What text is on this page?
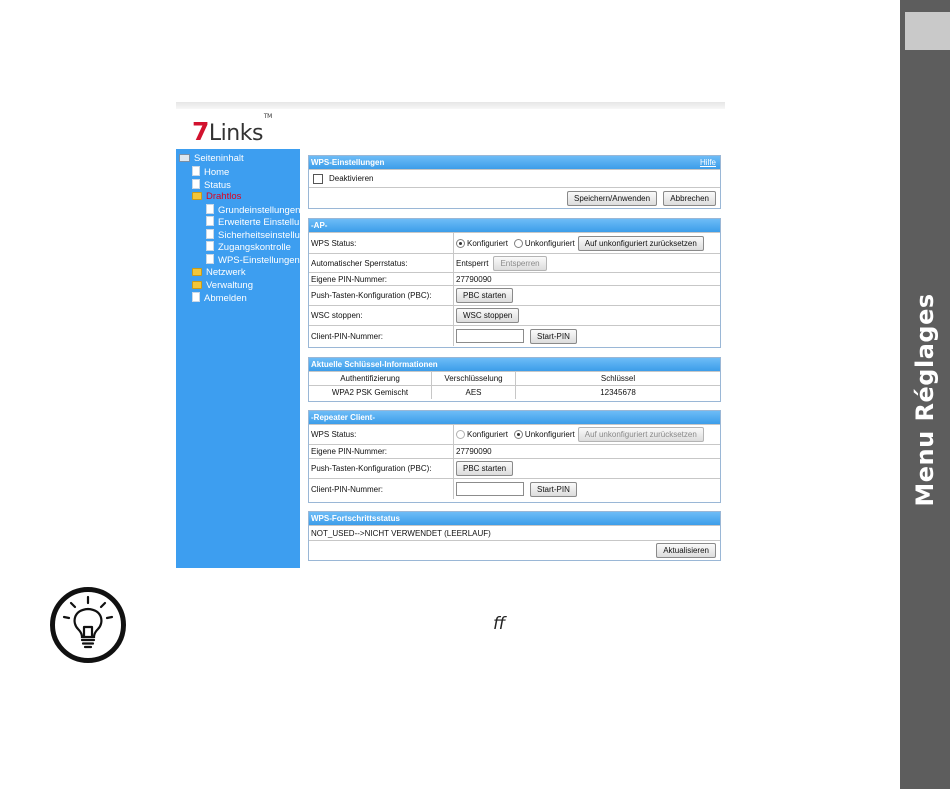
Menu Réglages
7Links™
Seiteninhalt
Home
Status
Drahtlos
Grundeinstellungen
Erweiterte Einstellu
Sicherheitseinstellu
Zugangskontrolle
WPS-Einstellungen
Netzwerk
Verwaltung
Abmelden
WPS-Einstellungen	Hilfe
Deaktivieren
Speichern/Anwenden	Abbrechen
-AP-
WPS Status:	Konfiguriert Unkonfiguriert	Auf unkonfiguriert zurücksetzen
Automatischer Sperrstatus:	Entsperrt	Entsperren
Eigene PIN-Nummer:	27790090
Push-Tasten-Konfiguration (PBC):	PBC starten
WSC stoppen:	WSC stoppen
Client-PIN-Nummer:	Start-PIN
Aktuelle Schlüssel-Informationen
Authentifizierung	Verschlüsselung	Schlüssel
WPA2 PSK Gemischt	AES	12345678
-Repeater Client-
WPS Status:	Konfiguriert Unkonfiguriert	Auf unkonfiguriert zurücksetzen
Eigene PIN-Nummer:	27790090
Push-Tasten-Konfiguration (PBC):	PBC starten
Client-PIN-Nummer:	Start-PIN
WPS-Fortschrittsstatus
NOT_USED-->NICHT VERWENDET (LEERLAUF)
Aktualisieren
ff
